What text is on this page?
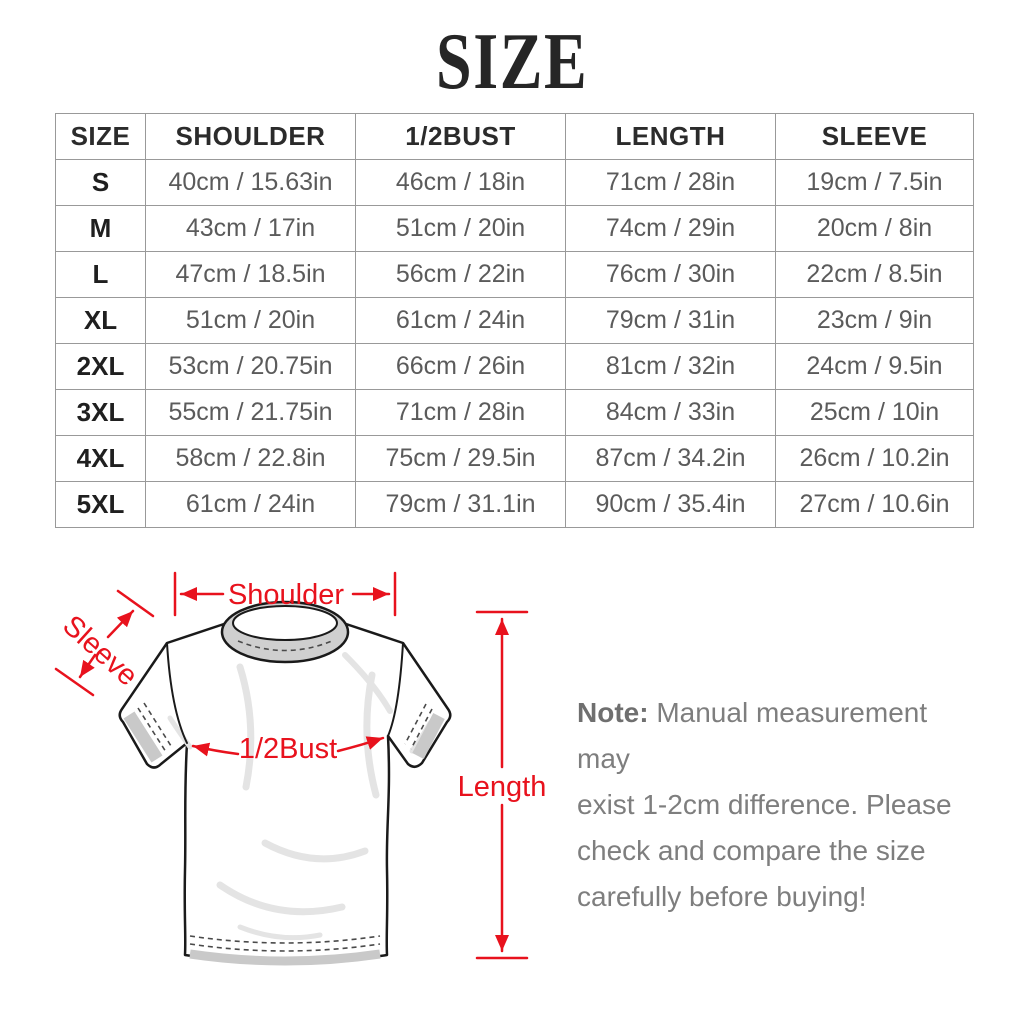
SIZE
SIZE	SHOULDER	1/2BUST	LENGTH	SLEEVE
S	40cm / 15.63in	46cm / 18in	71cm / 28in	19cm / 7.5in
M	43cm / 17in	51cm / 20in	74cm / 29in	20cm / 8in
L	47cm / 18.5in	56cm / 22in	76cm / 30in	22cm / 8.5in
XL	51cm / 20in	61cm / 24in	79cm / 31in	23cm / 9in
2XL	53cm / 20.75in	66cm / 26in	81cm / 32in	24cm / 9.5in
3XL	55cm / 21.75in	71cm / 28in	84cm / 33in	25cm / 10in
4XL	58cm / 22.8in	75cm / 29.5in	87cm / 34.2in	26cm / 10.2in
5XL	61cm / 24in	79cm / 31.1in	90cm / 35.4in	27cm / 10.6in
Shoulder
Length
1/2Bust
Sleeve
Note: Manual measurement may
exist 1-2cm difference. Please
check and compare the size
carefully before buying!
